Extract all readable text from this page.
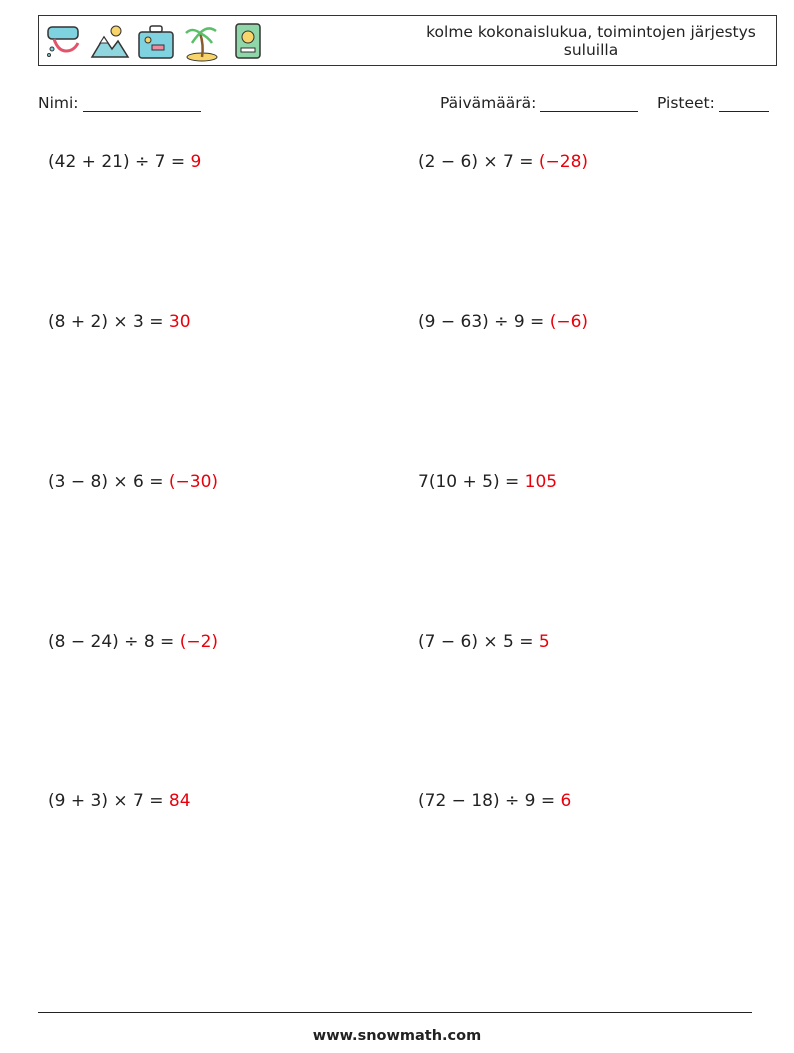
kolme kokonaislukua, toimintojen järjestys suluilla
Nimi:	Päivämäärä:	Pisteet:
(42 + 21) ÷ 7 = 9	(2 − 6) × 7 = (−28)
(8 + 2) × 3 = 30	(9 − 63) ÷ 9 = (−6)
(3 − 8) × 6 = (−30)	7(10 + 5) = 105
(8 − 24) ÷ 8 = (−2)	(7 − 6) × 5 = 5
(9 + 3) × 7 = 84	(72 − 18) ÷ 9 = 6
www.snowmath.com
